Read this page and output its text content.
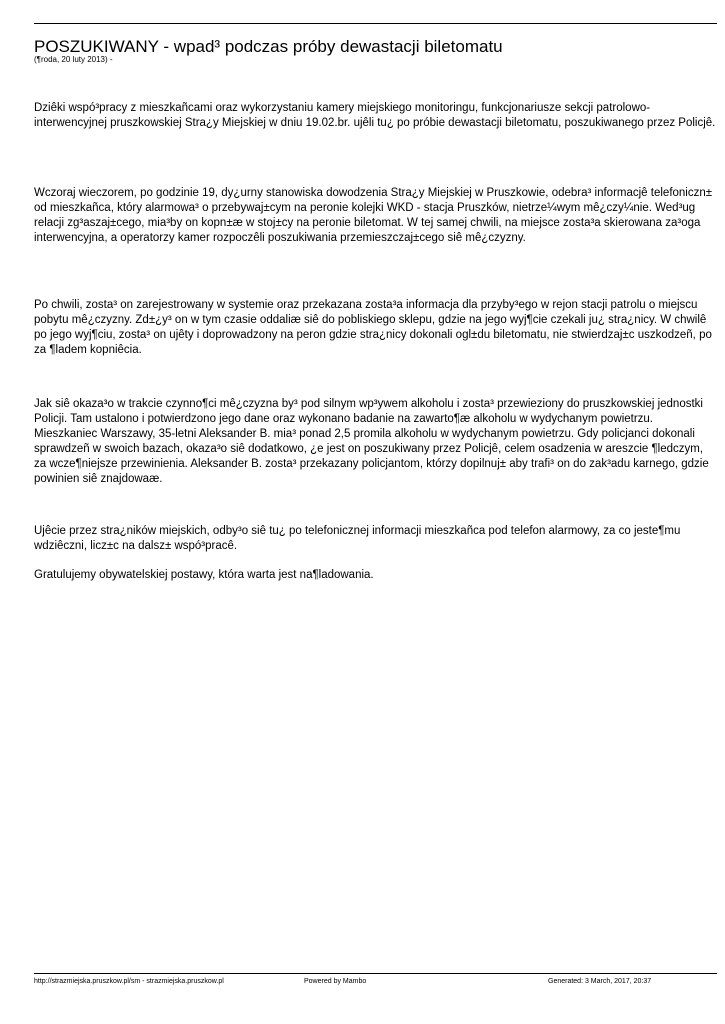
POSZUKIWANY - wpad³ podczas próby dewastacji biletomatu
(¶roda, 20 luty 2013) -

Dziêki wspó³pracy z mieszkañcami oraz wykorzystaniu kamery miejskiego monitoringu, funkcjonariusze sekcji patrolowo-interwencyjnej pruszkowskiej Stra¿y Miejskiej w dniu 19.02.br. ujêli tu¿ po próbie dewastacji biletomatu, poszukiwanego przez Policjê.

Wczoraj wieczorem, po godzinie 19, dy¿urny stanowiska dowodzenia Stra¿y Miejskiej w Pruszkowie, odebra³ informacjê telefoniczn± od mieszkañca, który alarmowa³ o przebywaj±cym na peronie kolejki WKD - stacja Pruszków, nietrze¼wym mê¿czy¼nie. Wed³ug relacji zg³aszaj±cego, mia³by on kopn±æ w stoj±cy na peronie biletomat. W tej samej chwili, na miejsce zosta³a skierowana za³oga interwencyjna, a operatorzy kamer rozpoczêli poszukiwania przemieszczaj±cego siê mê¿czyzny.

Po chwili, zosta³ on zarejestrowany w systemie oraz przekazana zosta³a informacja dla przyby³ego w rejon stacji patrolu o miejscu pobytu mê¿czyzny. Zd±¿y³ on w tym czasie oddaliæ siê do pobliskiego sklepu, gdzie na jego wyj¶cie czekali ju¿ stra¿nicy. W chwilê po jego wyj¶ciu, zosta³ on ujêty i doprowadzony na peron gdzie stra¿nicy dokonali ogl±du biletomatu, nie stwierdzaj±c uszkodzeñ, po za ¶ladem kopniêcia.

Jak siê okaza³o w trakcie czynno¶ci mê¿czyzna by³ pod silnym wp³ywem alkoholu i zosta³ przewieziony do pruszkowskiej jednostki Policji. Tam ustalono i potwierdzono jego dane oraz wykonano badanie na zawarto¶æ alkoholu w wydychanym powietrzu. Mieszkaniec Warszawy, 35-letni Aleksander B. mia³ ponad 2,5 promila alkoholu w wydychanym powietrzu. Gdy policjanci dokonali sprawdzeñ w swoich bazach, okaza³o siê dodatkowo, ¿e jest on poszukiwany przez Policjê, celem osadzenia w areszcie ¶ledczym, za wcze¶niejsze przewinienia. Aleksander B. zosta³ przekazany policjantom, którzy dopilnuj± aby trafi³ on do zak³adu karnego, gdzie powinien siê znajdowaæ.

Ujêcie przez stra¿ników miejskich, odby³o siê tu¿ po telefonicznej informacji mieszkañca pod telefon alarmowy, za co jeste¶mu wdziêczni, licz±c na dalsz± wspó³pracê.

Gratulujemy obywatelskiej postawy, która warta jest na¶ladowania.

http://strazmiejska.pruszkow.pl/sm - strazmiejska.pruszkow.pl	Powered by Mambo	Generated: 3 March, 2017, 20:37
